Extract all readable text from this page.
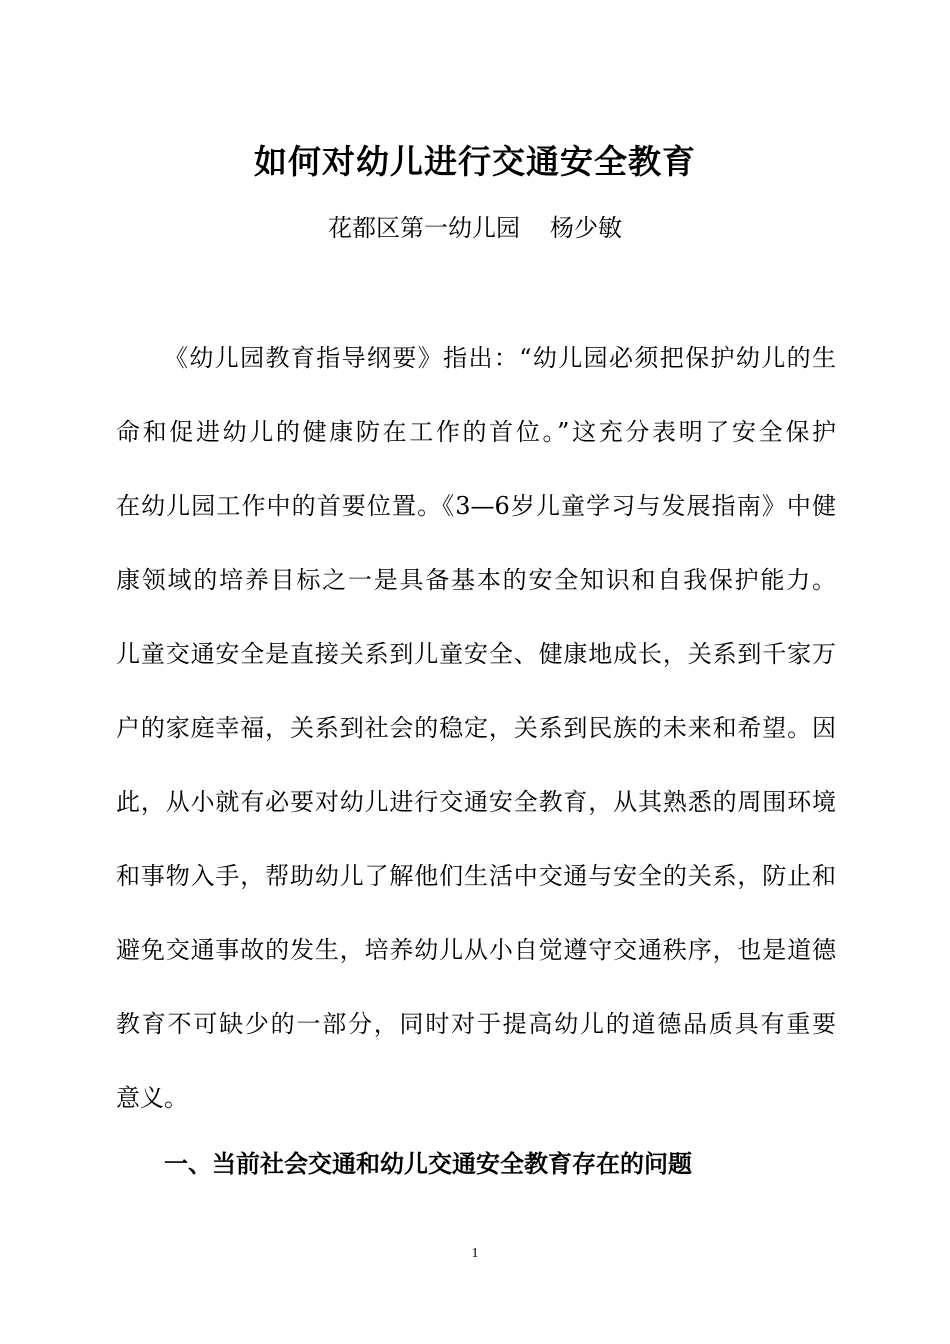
如何对幼儿进行交通安全教育
花都区第一幼儿园 杨少敏
《幼儿园教育指导纲要》指出：“幼儿园必须把保护幼儿的生
命和促进幼儿的健康防在工作的首位。”这充分表明了安全保护
在幼儿园工作中的首要位置。《3—6岁儿童学习与发展指南》中健
康领域的培养目标之一是具备基本的安全知识和自我保护能力。
儿童交通安全是直接关系到儿童安全、健康地成长，关系到千家万
户的家庭幸福，关系到社会的稳定，关系到民族的未来和希望。因
此，从小就有必要对幼儿进行交通安全教育，从其熟悉的周围环境
和事物入手，帮助幼儿了解他们生活中交通与安全的关系，防止和
避免交通事故的发生，培养幼儿从小自觉遵守交通秩序，也是道德
教育不可缺少的一部分，同时对于提高幼儿的道德品质具有重要
意义。
一、当前社会交通和幼儿交通安全教育存在的问题
1
